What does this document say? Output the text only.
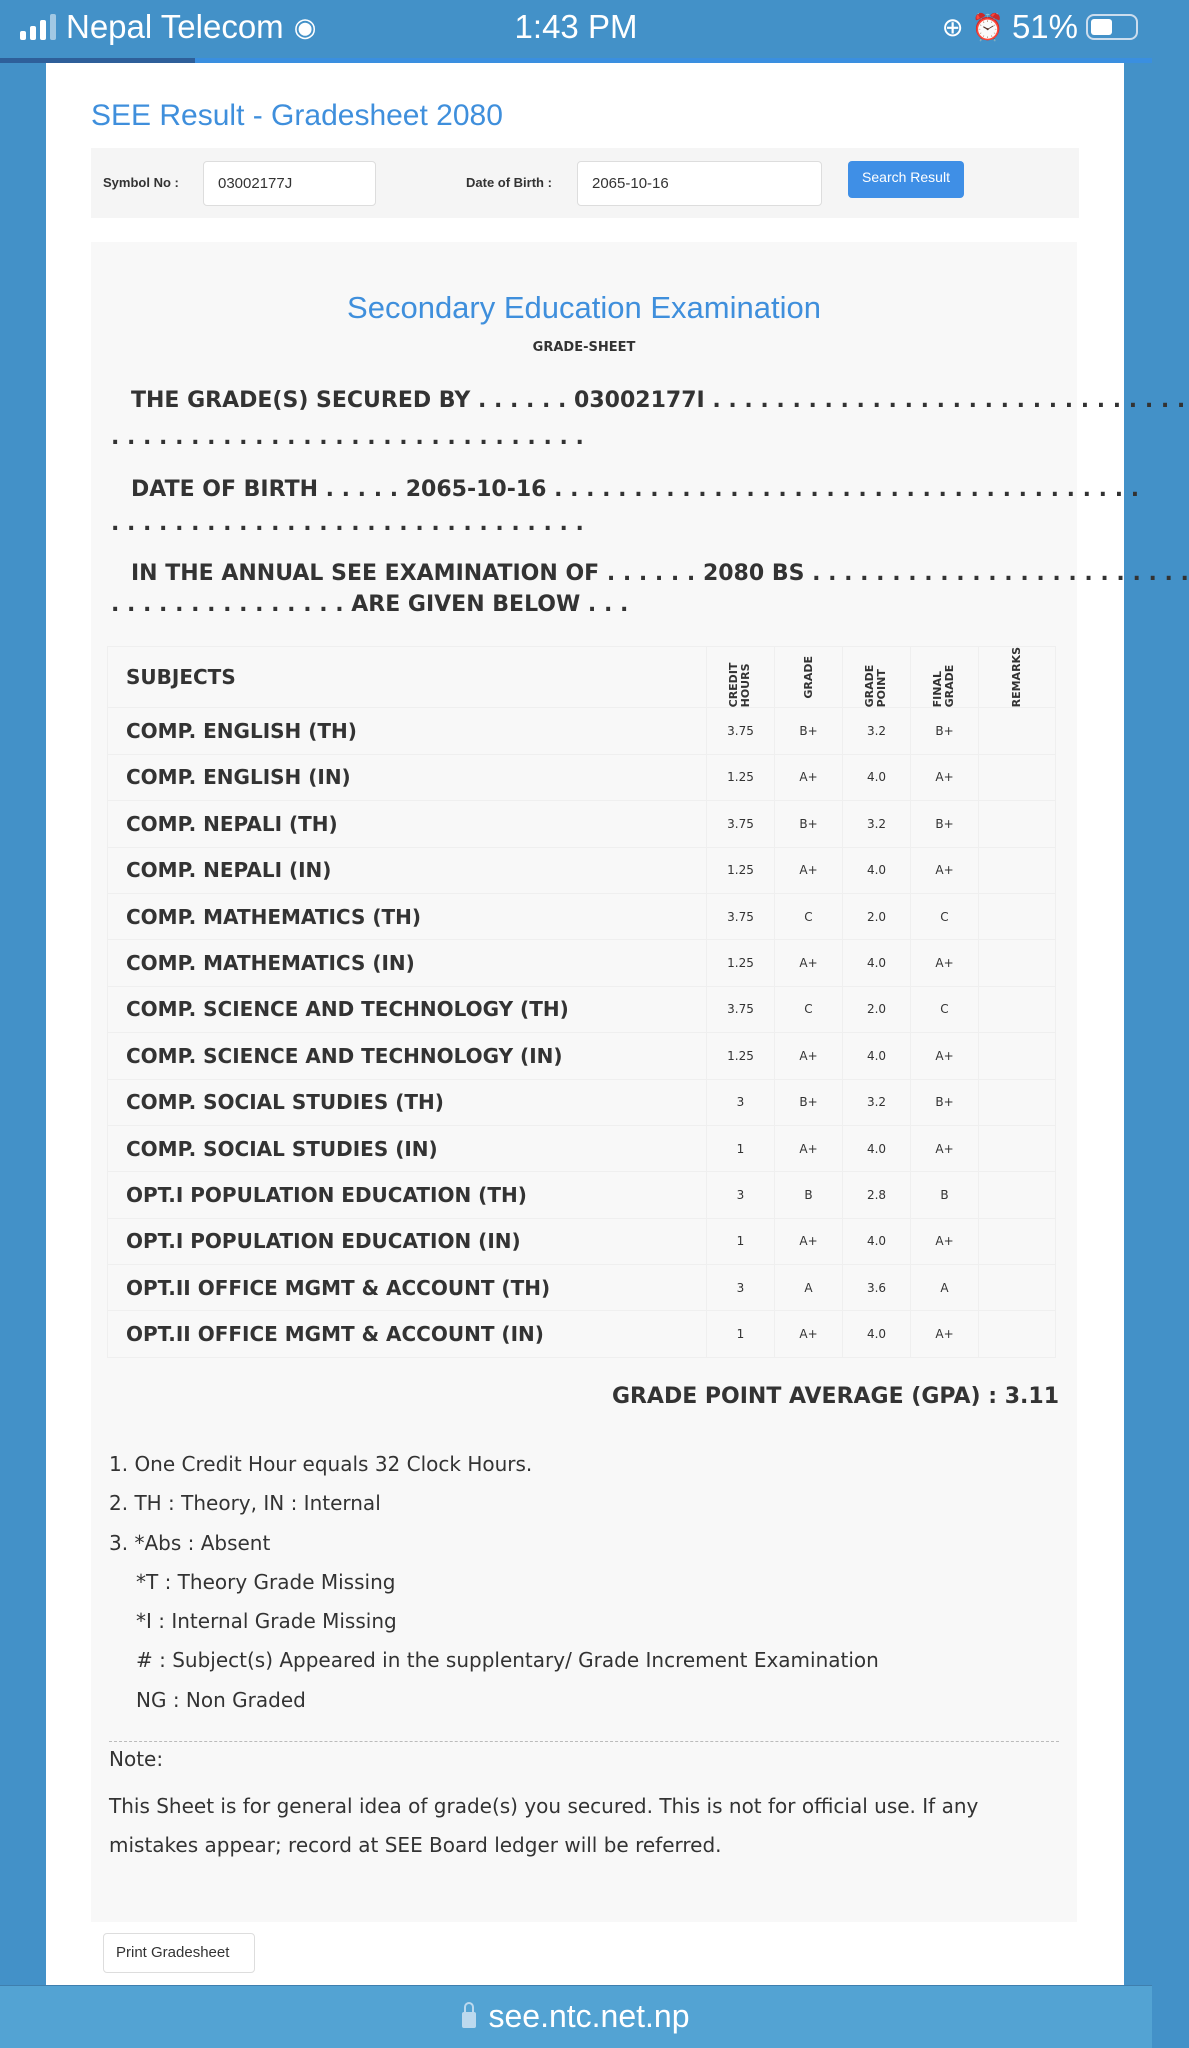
Nepal Telecom ◉	1:43 PM	⊕ ⏰ 51%
SEE Result - Gradesheet 2080
Symbol No :
03002177J	Date of Birth :
2065-10-16	Search Result
Secondary Education Examination
GRADE-SHEET
THE GRADE(S) SECURED BY . . . . . . 03002177I . . . . . . . . . . . . . . . . . . . . . . . . . . . . . .
. . . . . . . . . . . . . . . . . . . . . . . . . . . . . .
DATE OF BIRTH . . . . . 2065-10-16 . . . . . . . . . . . . . . . . . . . . . . . . . . . . . . . . . . . . .
. . . . . . . . . . . . . . . . . . . . . . . . . . . . . .
IN THE ANNUAL SEE EXAMINATION OF . . . . . . 2080 BS . . . . . . . . . . . . . . . . . . . . . . . .
. . . . . . . . . . . . . . . ARE GIVEN BELOW . . .
SUBJECTS	CREDIT HOURS	GRADE	GRADE POINT	FINAL GRADE	REMARKS

COMP. ENGLISH (TH)	3.75	B+	3.2	B+	
COMP. ENGLISH (IN)	1.25	A+	4.0	A+	
COMP. NEPALI (TH)	3.75	B+	3.2	B+	
COMP. NEPALI (IN)	1.25	A+	4.0	A+	
COMP. MATHEMATICS (TH)	3.75	C	2.0	C	
COMP. MATHEMATICS (IN)	1.25	A+	4.0	A+	
COMP. SCIENCE AND TECHNOLOGY (TH)	3.75	C	2.0	C	
COMP. SCIENCE AND TECHNOLOGY (IN)	1.25	A+	4.0	A+	
COMP. SOCIAL STUDIES (TH)	3	B+	3.2	B+	
COMP. SOCIAL STUDIES (IN)	1	A+	4.0	A+	
OPT.I POPULATION EDUCATION (TH)	3	B	2.8	B	
OPT.I POPULATION EDUCATION (IN)	1	A+	4.0	A+	
OPT.II OFFICE MGMT & ACCOUNT (TH)	3	A	3.6	A	
OPT.II OFFICE MGMT & ACCOUNT (IN)	1	A+	4.0	A+	
GRADE POINT AVERAGE (GPA) : 3.11
1. One Credit Hour equals 32 Clock Hours.
2. TH : Theory, IN : Internal
3. *Abs : Absent
*T : Theory Grade Missing
*I : Internal Grade Missing
# : Subject(s) Appeared in the supplentary/ Grade Increment Examination
NG : Non Graded
Note:
This Sheet is for general idea of grade(s) you secured. This is not for official use. If any mistakes appear; record at SEE Board ledger will be referred.
Print Gradesheet
see.ntc.net.np
